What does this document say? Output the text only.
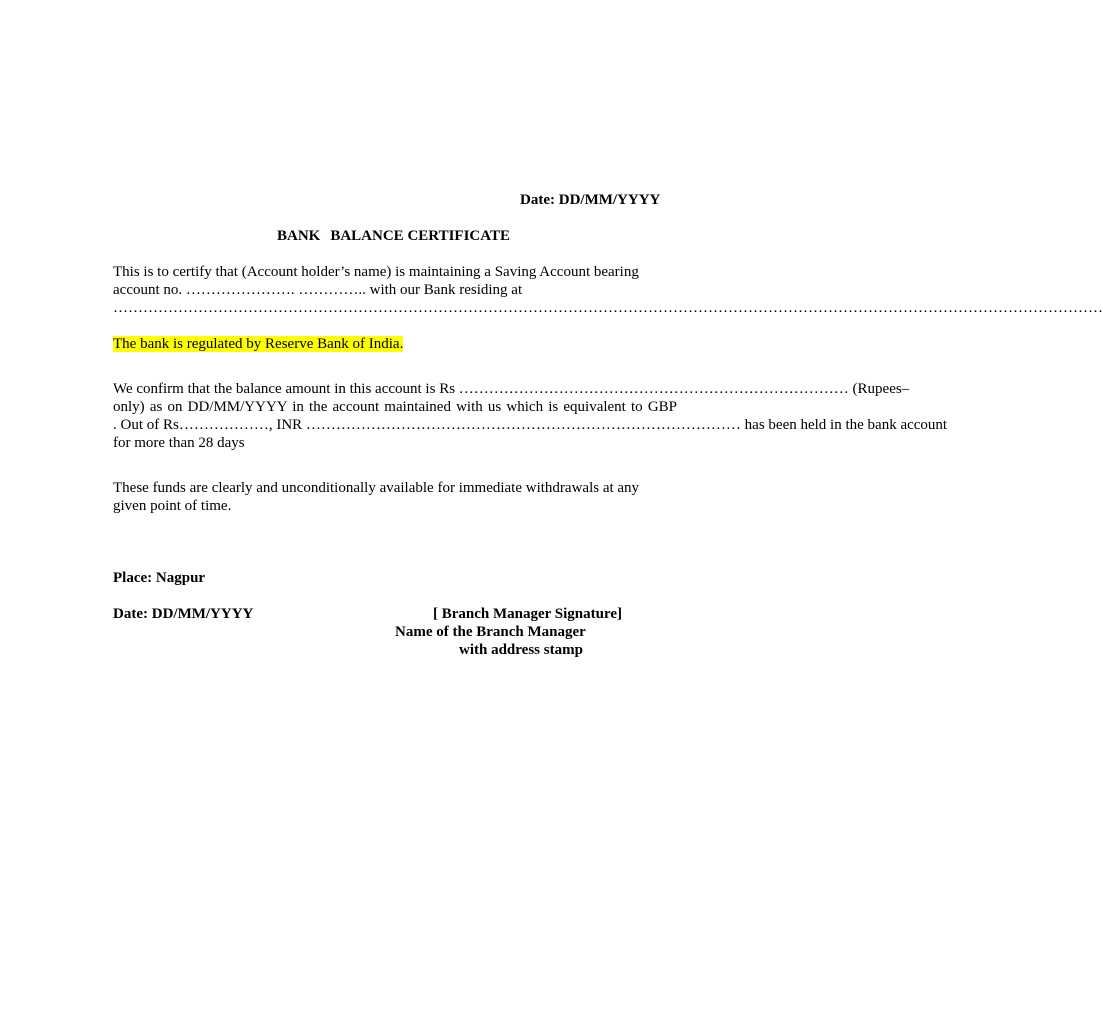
Date: DD/MM/YYYY
BANK BALANCE CERTIFICATE
This is to certify that (Account holder’s name) is maintaining a Saving Account bearing
account no. …………………. ………….. with our Bank residing at
………………………………………………………………………………………………………………………………………………………………………………
The bank is regulated by Reserve Bank of India.
We confirm that the balance amount in this account is Rs …………………………………………………………………… (Rupees–
only) as on DD/MM/YYYY in the account maintained with us which is equivalent to GBP
. Out of Rs………………, INR …………………………………………………………………………… has been held in the bank account
for more than 28 days
These funds are clearly and unconditionally available for immediate withdrawals at any
given point of time.
Place: Nagpur
Date: DD/MM/YYYY	[ Branch Manager Signature]
Name of the Branch Manager
with address stamp
